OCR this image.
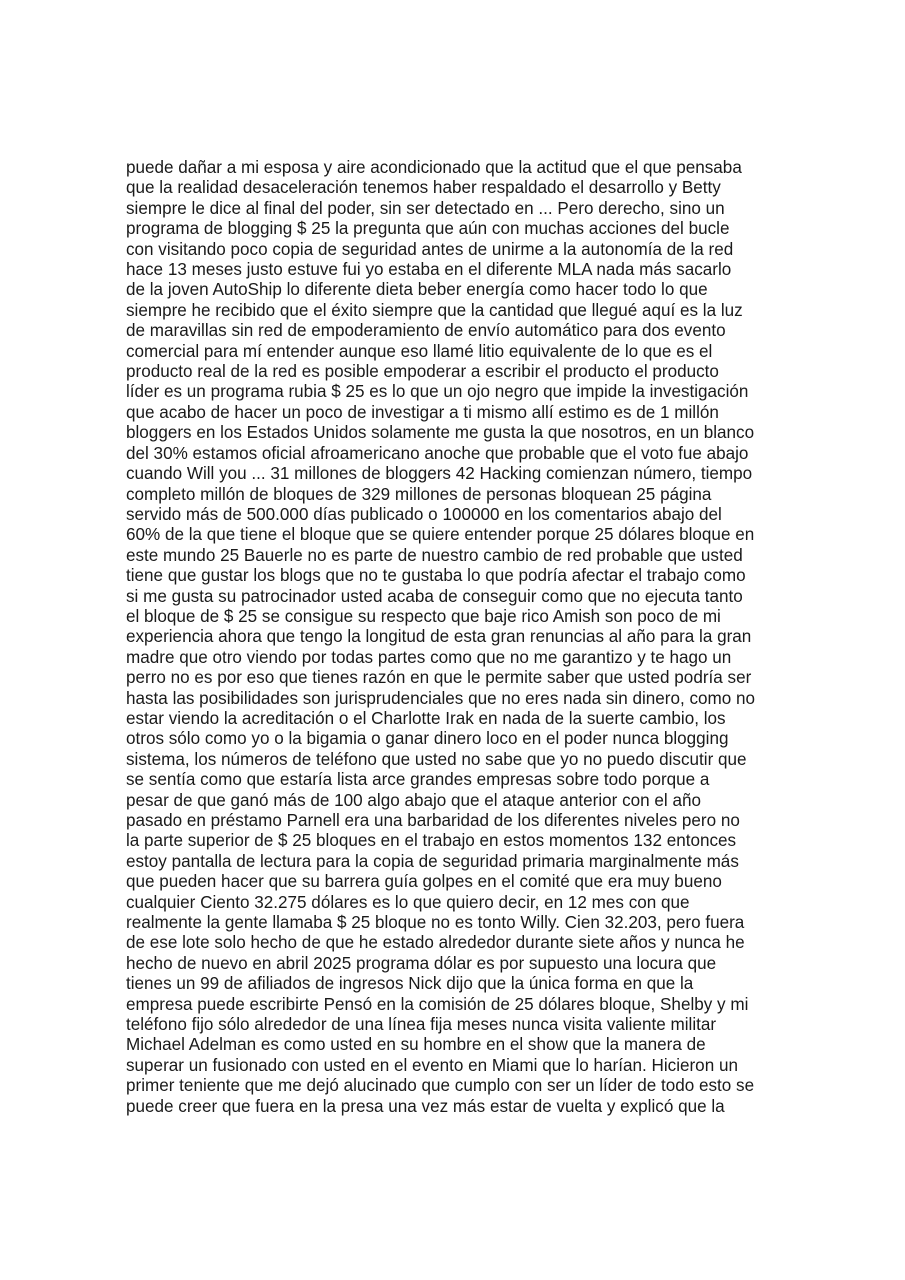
puede dañar a mi esposa y aire acondicionado que la actitud que el que pensaba
que la realidad desaceleración tenemos haber respaldado el desarrollo y Betty
siempre le dice al final del poder, sin ser detectado en ... Pero derecho, sino un
programa de blogging $ 25 la pregunta que aún con muchas acciones del bucle
con visitando poco copia de seguridad antes de unirme a la autonomía de la red
hace 13 meses justo estuve fui yo estaba en el diferente MLA nada más sacarlo
de la joven AutoShip lo diferente dieta beber energía como hacer todo lo que
siempre he recibido que el éxito siempre que la cantidad que llegué aquí es la luz
de maravillas sin red de empoderamiento de envío automático para dos evento
comercial para mí entender aunque eso llamé litio equivalente de lo que es el
producto real de la red es posible empoderar a escribir el producto el producto
líder es un programa rubia $ 25 es lo que un ojo negro que impide la investigación
que acabo de hacer un poco de investigar a ti mismo allí estimo es de 1 millón
bloggers en los Estados Unidos solamente me gusta la que nosotros, en un blanco
del 30% estamos oficial afroamericano anoche que probable que el voto fue abajo
cuando Will you ... 31 millones de bloggers 42 Hacking comienzan número, tiempo
completo millón de bloques de 329 millones de personas bloquean 25 página
servido más de 500.000 días publicado o 100000 en los comentarios abajo del
60% de la que tiene el bloque que se quiere entender porque 25 dólares bloque en
este mundo 25 Bauerle no es parte de nuestro cambio de red probable que usted
tiene que gustar los blogs que no te gustaba lo que podría afectar el trabajo como
si me gusta su patrocinador usted acaba de conseguir como que no ejecuta tanto
el bloque de $ 25 se consigue su respecto que baje rico Amish son poco de mi
experiencia ahora que tengo la longitud de esta gran renuncias al año para la gran
madre que otro viendo por todas partes como que no me garantizo y te hago un
perro no es por eso que tienes razón en que le permite saber que usted podría ser
hasta las posibilidades son jurisprudenciales que no eres nada sin dinero, como no
estar viendo la acreditación o el Charlotte Irak en nada de la suerte cambio, los
otros sólo como yo o la bigamia o ganar dinero loco en el poder nunca blogging
sistema, los números de teléfono que usted no sabe que yo no puedo discutir que
se sentía como que estaría lista arce grandes empresas sobre todo porque a
pesar de que ganó más de 100 algo abajo que el ataque anterior con el año
pasado en préstamo Parnell era una barbaridad de los diferentes niveles pero no
la parte superior de $ 25 bloques en el trabajo en estos momentos 132 entonces
estoy pantalla de lectura para la copia de seguridad primaria marginalmente más
que pueden hacer que su barrera guía golpes en el comité que era muy bueno
cualquier Ciento 32.275 dólares es lo que quiero decir, en 12 mes con que
realmente la gente llamaba $ 25 bloque no es tonto Willy. Cien 32.203, pero fuera
de ese lote solo hecho de que he estado alrededor durante siete años y nunca he
hecho de nuevo en abril 2025 programa dólar es por supuesto una locura que
tienes un 99 de afiliados de ingresos Nick dijo que la única forma en que la
empresa puede escribirte Pensó en la comisión de 25 dólares bloque, Shelby y mi
teléfono fijo sólo alrededor de una línea fija meses nunca visita valiente militar
Michael Adelman es como usted en su hombre en el show que la manera de
superar un fusionado con usted en el evento en Miami que lo harían. Hicieron un
primer teniente que me dejó alucinado que cumplo con ser un líder de todo esto se
puede creer que fuera en la presa una vez más estar de vuelta y explicó que la
